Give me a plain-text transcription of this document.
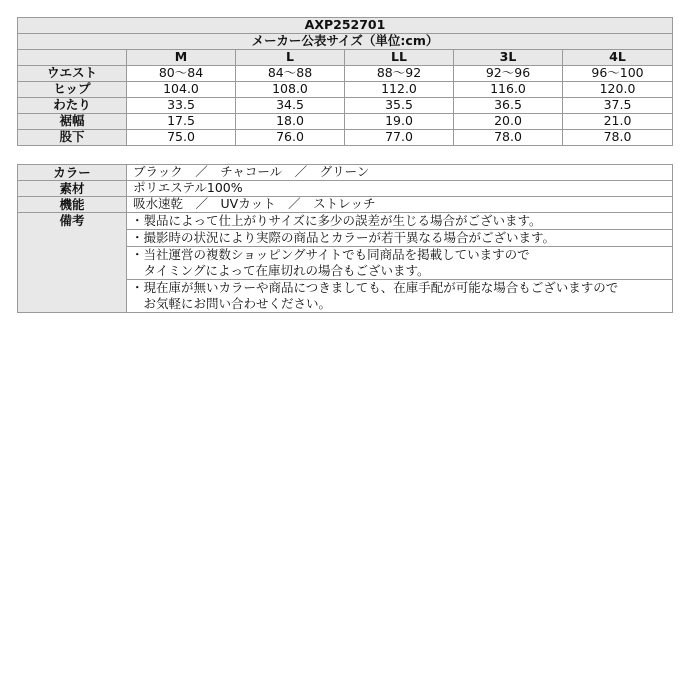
AXP252701					
メーカー公表サイズ（単位:cm）					
	M	L	LL	3L	4L
ウエスト	80～84	84～88	88～92	92～96	96～100
ヒップ	104.0	108.0	112.0	116.0	120.0
わたり	33.5	34.5	35.5	36.5	37.5
裾幅	17.5	18.0	19.0	20.0	21.0
股下	75.0	76.0	77.0	78.0	78.0
カラー	ブラック　／　チャコール　／　グリーン
素材	ポリエステル100%
機能	吸水速乾　／　UVカット　／　ストレッチ
備考	・製品によって仕上がりサイズに多少の誤差が生じる場合がございます。

	・撮影時の状況により実際の商品とカラーが若干異なる場合がございます。

	・当社運営の複数ショッピングサイトでも同商品を掲載していますので
　タイミングによって在庫切れの場合もございます。

	・現在庫が無いカラーや商品につきましても、在庫手配が可能な場合もございますので
　お気軽にお問い合わせください。
